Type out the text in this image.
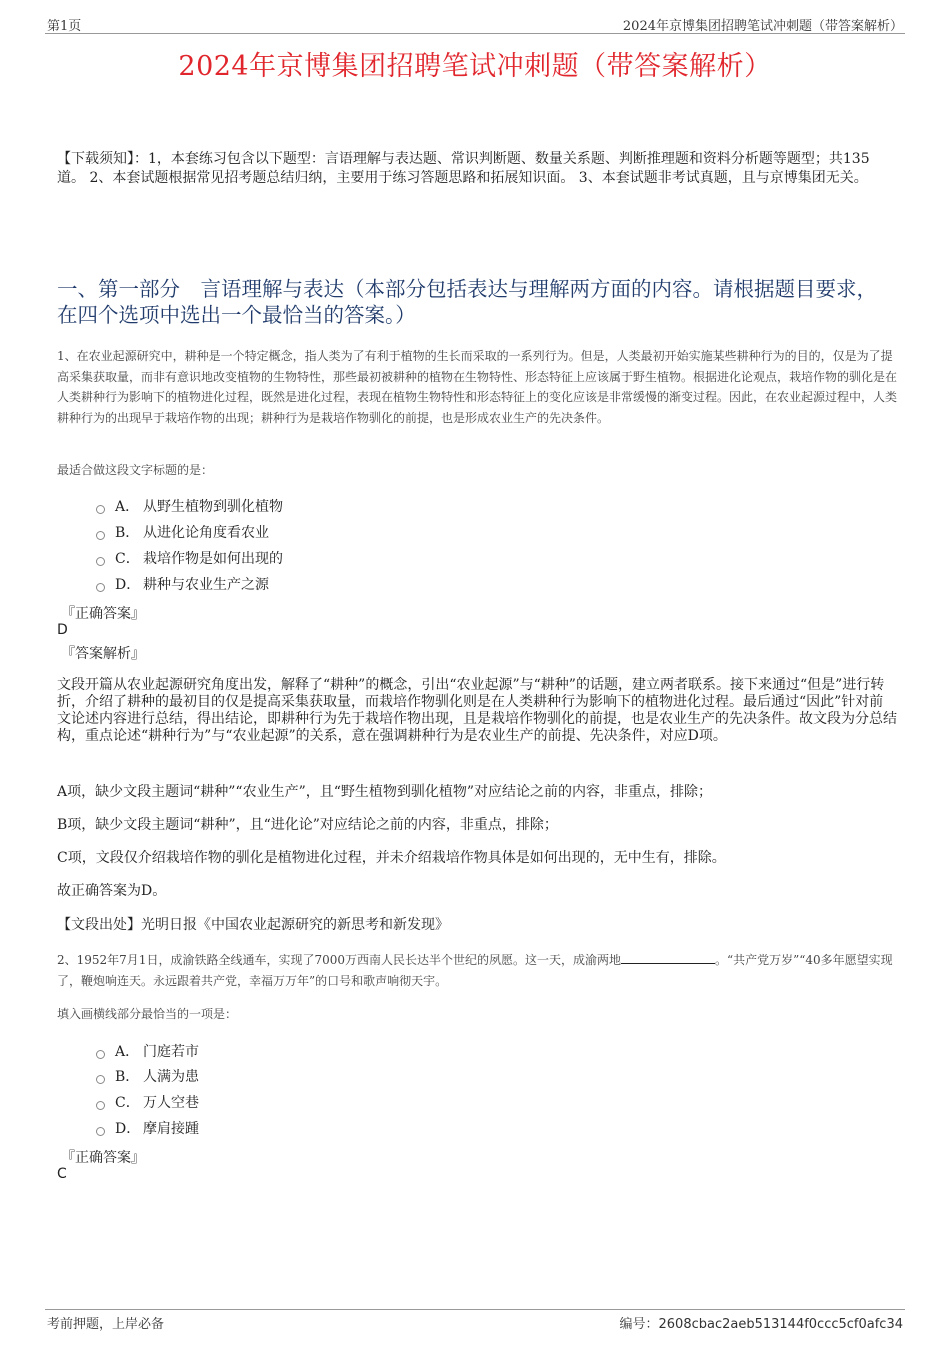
第1页	2024年京博集团招聘笔试冲刺题（带答案解析）
2024年京博集团招聘笔试冲刺题（带答案解析）
【下载须知】：1，本套练习包含以下题型：言语理解与表达题、常识判断题、数量关系题、判断推理题和资料分析题等题型；共135道。 2、本套试题根据常见招考题总结归纳，主要用于练习答题思路和拓展知识面。 3、本套试题非考试真题，且与京博集团无关。
一、第一部分　言语理解与表达（本部分包括表达与理解两方面的内容。请根据题目要求，在四个选项中选出一个最恰当的答案。）
1、在农业起源研究中，耕种是一个特定概念，指人类为了有利于植物的生长而采取的一系列行为。但是，人类最初开始实施某些耕种行为的目的，仅是为了提高采集获取量，而非有意识地改变植物的生物特性，那些最初被耕种的植物在生物特性、形态特征上应该属于野生植物。根据进化论观点，栽培作物的驯化是在人类耕种行为影响下的植物进化过程，既然是进化过程，表现在植物生物特性和形态特征上的变化应该是非常缓慢的渐变过程。因此，在农业起源过程中，人类耕种行为的出现早于栽培作物的出现；耕种行为是栽培作物驯化的前提，也是形成农业生产的先决条件。
最适合做这段文字标题的是：
A． 从野生植物到驯化植物
B． 从进化论角度看农业
C． 栽培作物是如何出现的
D． 耕种与农业生产之源
『正确答案』
D
『答案解析』
文段开篇从农业起源研究角度出发，解释了“耕种”的概念，引出“农业起源”与“耕种”的话题，建立两者联系。接下来通过“但是”进行转折，介绍了耕种的最初目的仅是提高采集获取量，而栽培作物驯化则是在人类耕种行为影响下的植物进化过程。最后通过“因此”针对前文论述内容进行总结，得出结论，即耕种行为先于栽培作物出现，且是栽培作物驯化的前提，也是农业生产的先决条件。故文段为分总结构，重点论述“耕种行为”与“农业起源”的关系，意在强调耕种行为是农业生产的前提、先决条件，对应D项。
A项，缺少文段主题词“耕种”“农业生产”，且“野生植物到驯化植物”对应结论之前的内容，非重点，排除；
B项，缺少文段主题词“耕种”，且“进化论”对应结论之前的内容，非重点，排除；
C项，文段仅介绍栽培作物的驯化是植物进化过程，并未介绍栽培作物具体是如何出现的，无中生有，排除。
故正确答案为D。
【文段出处】光明日报《中国农业起源研究的新思考和新发现》
2、1952年7月1日，成渝铁路全线通车，实现了7000万西南人民长达半个世纪的夙愿。这一天，成渝两地	。“共产党万岁”“40多年愿望实现了，鞭炮响连天。永远跟着共产党，幸福万万年”的口号和歌声响彻天宇。
填入画横线部分最恰当的一项是：
A． 门庭若市
B． 人满为患
C． 万人空巷
D． 摩肩接踵
『正确答案』
C
考前押题，上岸必备	编号：2608cbac2aeb513144f0ccc5cf0afc34
